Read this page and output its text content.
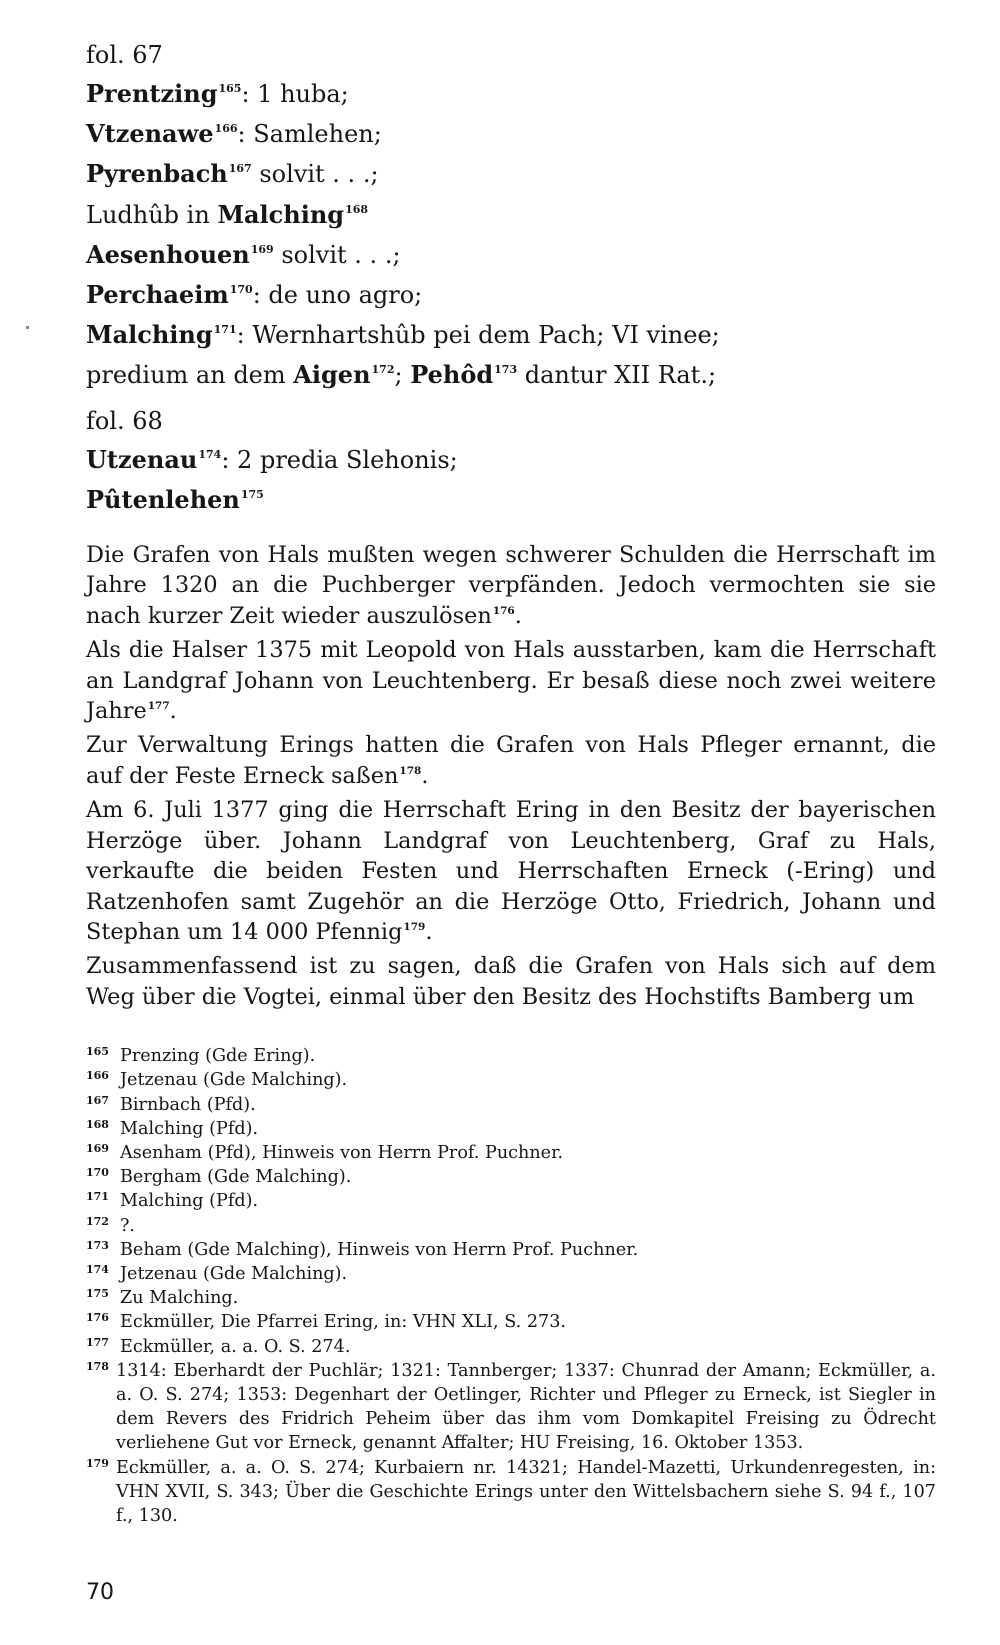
fol. 67
Prentzing$^{165}$: 1 huba;
Vtzenawe$^{166}$: Samlehen;
Pyrenbach$^{167}$ solvit . . .;
Ludhûb in Malching$^{168}$
Aesenhouen$^{169}$ solvit . . .;
Perchaeim$^{170}$: de uno agro;
Malching$^{171}$: Wernhartshûb pei dem Pach; VI vinee;
predium an dem Aigen$^{172}$; Pehôd$^{173}$ dantur XII Rat.;
fol. 68
Utzenau$^{174}$: 2 predia Slehonis;
Pûtenlehen$^{175}$

Die Grafen von Hals mußten wegen schwerer Schulden die Herrschaft im Jahre 1320 an die Puchberger verpfänden. Jedoch vermochten sie sie nach kurzer Zeit wieder auszulösen$^{176}$.

Als die Halser 1375 mit Leopold von Hals ausstarben, kam die Herrschaft an Landgraf Johann von Leuchtenberg. Er besaß diese noch zwei weitere Jahre$^{177}$.

Zur Verwaltung Erings hatten die Grafen von Hals Pfleger ernannt, die auf der Feste Erneck saßen$^{178}$.

Am 6. Juli 1377 ging die Herrschaft Ering in den Besitz der bayerischen Herzöge über. Johann Landgraf von Leuchtenberg, Graf zu Hals, verkaufte die beiden Festen und Herrschaften Erneck (-Ering) und Ratzenhofen samt Zugehör an die Herzöge Otto, Friedrich, Johann und Stephan um 14 000 Pfennig$^{179}$.

Zusammenfassend ist zu sagen, daß die Grafen von Hals sich auf dem Weg über die Vogtei, einmal über den Besitz des Hochstifts Bamberg um

165 Prenzing (Gde Ering).
166 Jetzenau (Gde Malching).
167 Birnbach (Pfd).
168 Malching (Pfd).
169 Asenham (Pfd), Hinweis von Herrn Prof. Puchner.
170 Bergham (Gde Malching).
171 Malching (Pfd).
172 ?.
173 Beham (Gde Malching), Hinweis von Herrn Prof. Puchner.
174 Jetzenau (Gde Malching).
175 Zu Malching.
176 Eckmüller, Die Pfarrei Ering, in: VHN XLI, S. 273.
177 Eckmüller, a. a. O. S. 274.
178 1314: Eberhardt der Puchlär; 1321: Tannberger; 1337: Chunrad der Amann; Eckmüller, a. a. O. S. 274; 1353: Degenhart der Oetlinger, Richter und Pfleger zu Erneck, ist Siegler in dem Revers des Fridrich Peheim über das ihm vom Domkapitel Freising zu Ödrecht verliehene Gut vor Erneck, genannt Affalter; HU Freising, 16. Oktober 1353.
179 Eckmüller, a. a. O. S. 274; Kurbaiern nr. 14321; Handel-Mazetti, Urkundenregesten, in: VHN XVII, S. 343; Über die Geschichte Erings unter den Wittelsbachern siehe S. 94 f., 107 f., 130.
70
